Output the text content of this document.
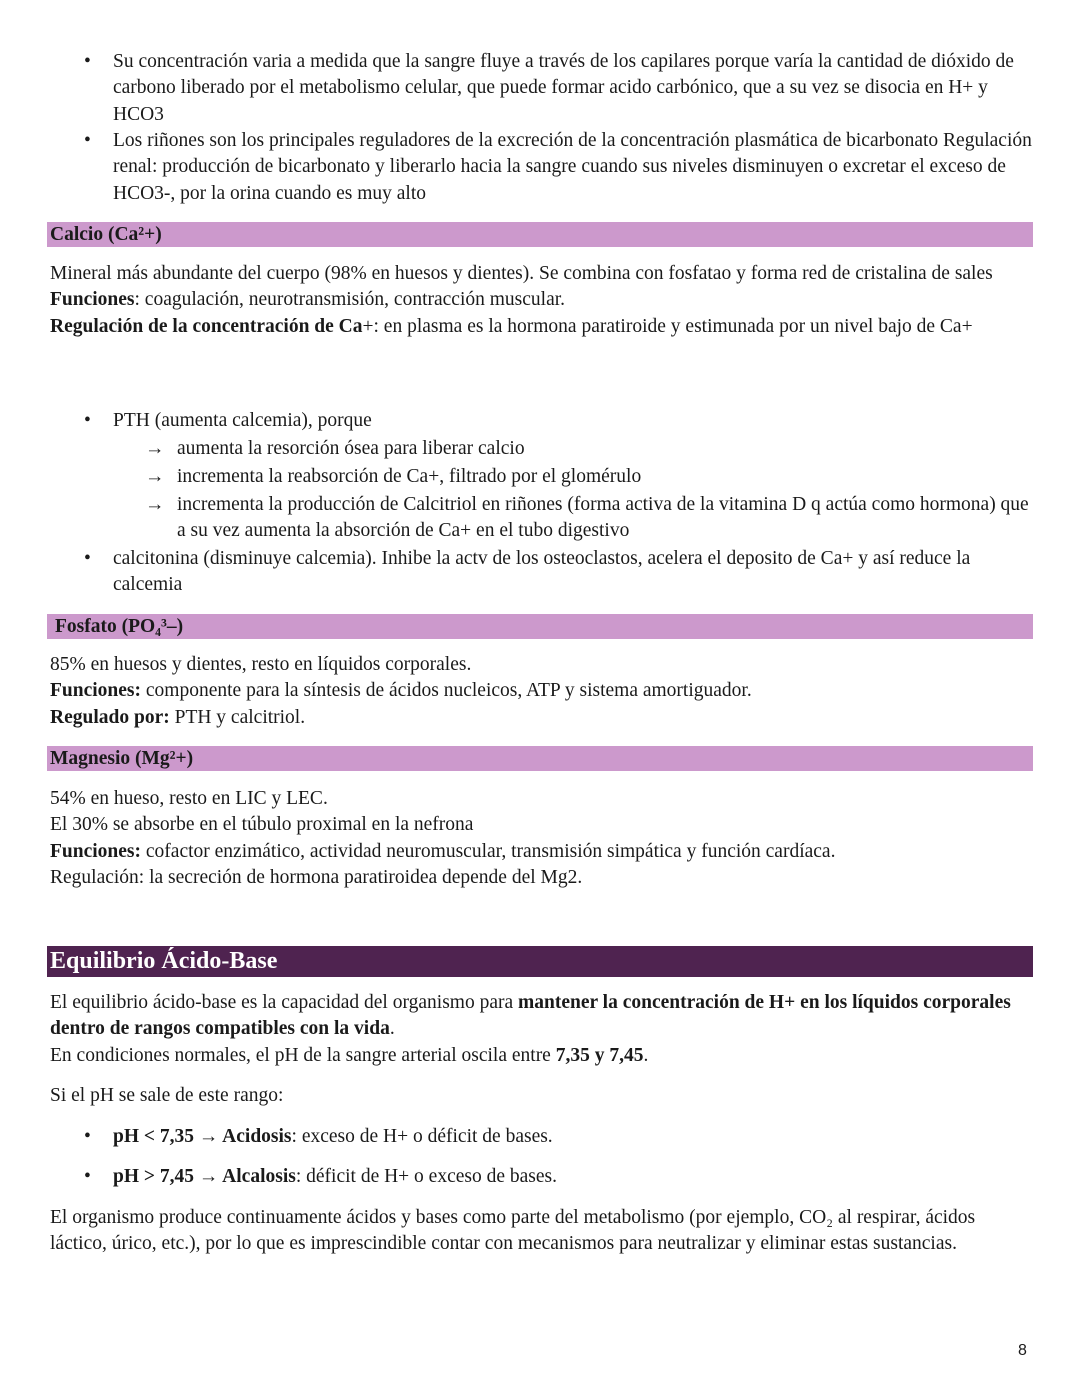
• Su concentración varia a medida que la sangre fluye a través de los capilares porque varía la cantidad de dióxido de carbono liberado por el metabolismo celular, que puede formar acido carbónico, que a su vez se disocia en H+ y HCO3
• Los riñones son los principales reguladores de la excreción de la concentración plasmática de bicarbonato Regulación renal: producción de bicarbonato y liberarlo hacia la sangre cuando sus niveles disminuyen o excretar el exceso de HCO3-, por la orina cuando es muy alto
Calcio (Ca²+)
Mineral más abundante del cuerpo (98% en huesos y dientes). Se combina con fosfatao y forma red de cristalina de sales
Funciones: coagulación, neurotransmisión, contracción muscular.
Regulación de la concentración de Ca+: en plasma es la hormona paratiroide y estimunada por un nivel bajo de Ca+
• PTH (aumenta calcemia), porque
→ aumenta la resorción ósea para liberar calcio
→ incrementa la reabsorción de Ca+, filtrado por el glomérulo
→ incrementa la producción de Calcitriol en riñones (forma activa de la vitamina D q actúa como hormona) que a su vez aumenta la absorción de Ca+ en el tubo digestivo
• calcitonina (disminuye calcemia). Inhibe la actv de los osteoclastos, acelera el deposito de Ca+ y así reduce la calcemia
Fosfato (PO₄³–)
85% en huesos y dientes, resto en líquidos corporales.
Funciones: componente para la síntesis de ácidos nucleicos, ATP y sistema amortiguador.
Regulado por: PTH y calcitriol.
Magnesio (Mg²+)
54% en hueso, resto en LIC y LEC.
El 30% se absorbe en el túbulo proximal en la nefrona
Funciones: cofactor enzimático, actividad neuromuscular, transmisión simpática y función cardíaca.
Regulación: la secreción de hormona paratiroidea depende del Mg2.
Equilibrio Ácido-Base
El equilibrio ácido-base es la capacidad del organismo para mantener la concentración de H+ en los líquidos corporales dentro de rangos compatibles con la vida.
En condiciones normales, el pH de la sangre arterial oscila entre 7,35 y 7,45.
Si el pH se sale de este rango:
• pH < 7,35 → Acidosis: exceso de H+ o déficit de bases.
• pH > 7,45 → Alcalosis: déficit de H+ o exceso de bases.
El organismo produce continuamente ácidos y bases como parte del metabolismo (por ejemplo, CO₂ al respirar, ácidos láctico, úrico, etc.), por lo que es imprescindible contar con mecanismos para neutralizar y eliminar estas sustancias.
8
